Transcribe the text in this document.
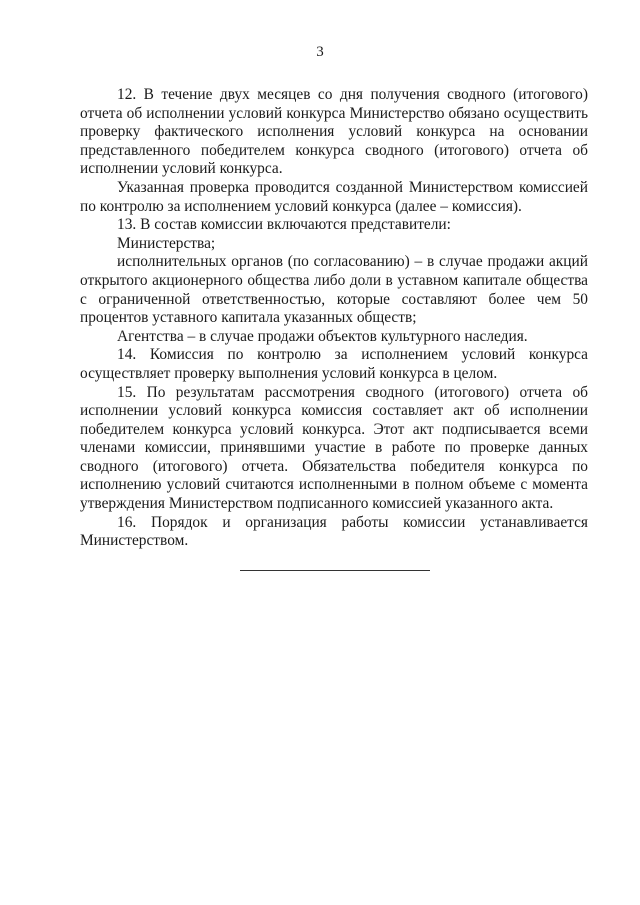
3

12. В течение двух месяцев со дня получения сводного (итогового) отчета об исполнении условий конкурса Министерство обязано осуществить проверку фактического исполнения условий конкурса на основании представленного победителем конкурса сводного (итогового) отчета об исполнении условий конкурса.

Указанная проверка проводится созданной Министерством комиссией по контролю за исполнением условий конкурса (далее – комиссия).

13. В состав комиссии включаются представители:

Министерства;

исполнительных органов (по согласованию) – в случае продажи акций открытого акционерного общества либо доли в уставном капитале общества с ограниченной ответственностью, которые составляют более чем 50 процентов уставного капитала указанных обществ;

Агентства – в случае продажи объектов культурного наследия.

14. Комиссия по контролю за исполнением условий конкурса осуществляет проверку выполнения условий конкурса в целом.

15. По результатам рассмотрения сводного (итогового) отчета об исполнении условий конкурса комиссия составляет акт об исполнении победителем конкурса условий конкурса. Этот акт подписывается всеми членами комиссии, принявшими участие в работе по проверке данных сводного (итогового) отчета. Обязательства победителя конкурса по исполнению условий считаются исполненными в полном объеме с момента утверждения Министерством подписанного комиссией указанного акта.

16. Порядок и организация работы комиссии устанавливается Министерством.
